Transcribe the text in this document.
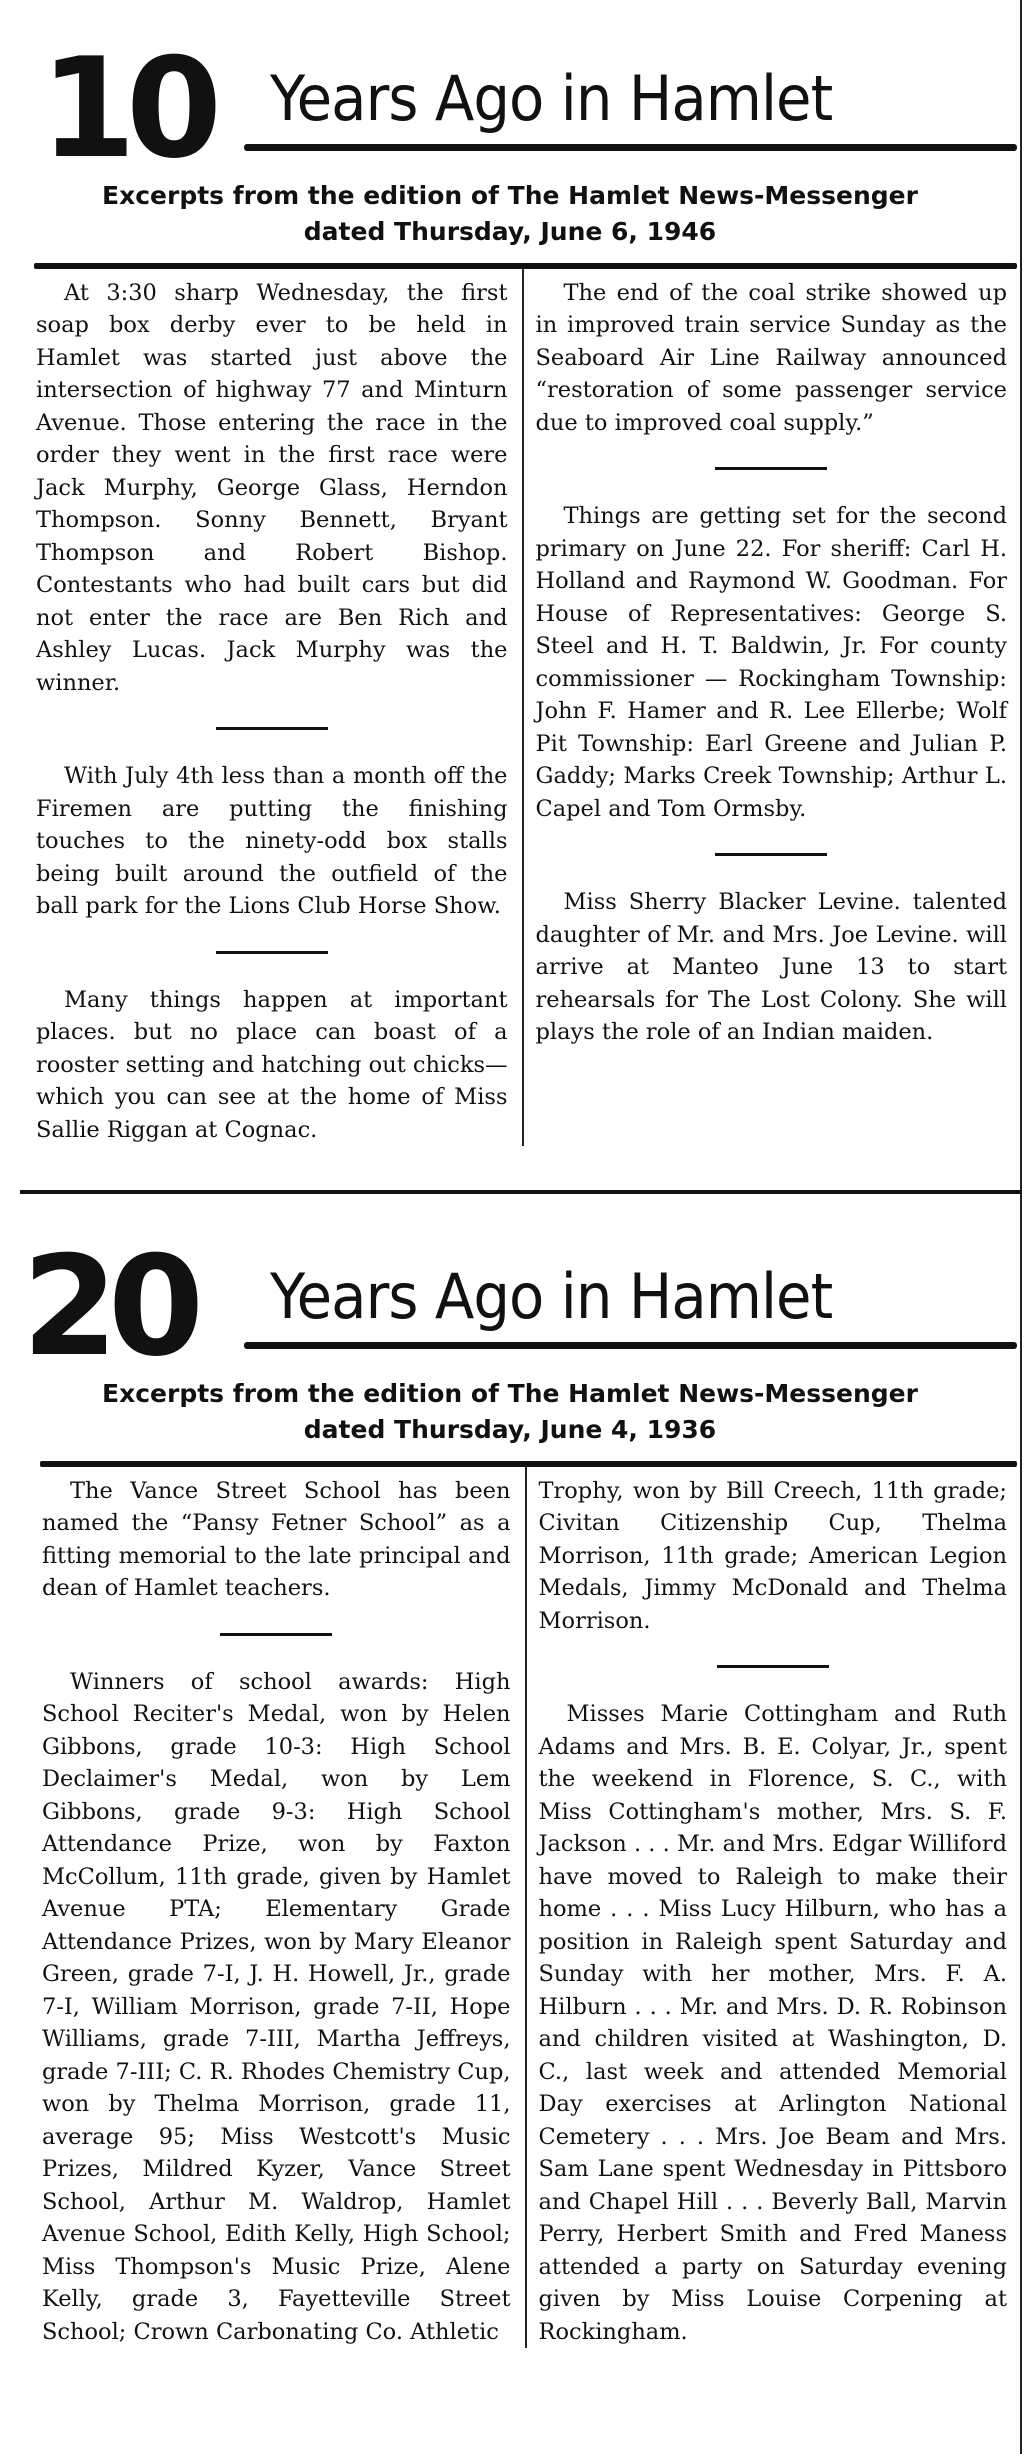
10 Years Ago in Hamlet
Excerpts from the edition of The Hamlet News-Messenger
dated Thursday, June 6, 1946

At 3:30 sharp Wednesday, the first soap box derby ever to be held in Hamlet was started just above the intersection of highway 77 and Minturn Avenue. Those entering the race in the order they went in the first race were Jack Murphy, George Glass, Herndon Thompson. Sonny Bennett, Bryant Thompson and Robert Bishop. Contestants who had built cars but did not enter the race are Ben Rich and Ashley Lucas. Jack Murphy was the winner.

With July 4th less than a month off the Firemen are putting the finishing touches to the ninety-odd box stalls being built around the outfield of the ball park for the Lions Club Horse Show.

Many things happen at important places. but no place can boast of a rooster setting and hatching out chicks—which you can see at the home of Miss Sallie Riggan at Cognac.

The end of the coal strike showed up in improved train service Sunday as the Seaboard Air Line Railway announced “restoration of some passenger service due to improved coal supply.”

Things are getting set for the second primary on June 22. For sheriff: Carl H. Holland and Raymond W. Goodman. For House of Representatives: George S. Steel and H. T. Baldwin, Jr. For county commissioner — Rockingham Township: John F. Hamer and R. Lee Ellerbe; Wolf Pit Township: Earl Greene and Julian P. Gaddy; Marks Creek Township; Arthur L. Capel and Tom Ormsby.

Miss Sherry Blacker Levine. talented daughter of Mr. and Mrs. Joe Levine. will arrive at Manteo June 13 to start rehearsals for The Lost Colony. She will plays the role of an Indian maiden.

20 Years Ago in Hamlet
Excerpts from the edition of The Hamlet News-Messenger
dated Thursday, June 4, 1936

The Vance Street School has been named the “Pansy Fetner School” as a fitting memorial to the late principal and dean of Hamlet teachers.

Winners of school awards: High School Reciter's Medal, won by Helen Gibbons, grade 10-3: High School Declaimer's Medal, won by Lem Gibbons, grade 9-3: High School Attendance Prize, won by Faxton McCollum, 11th grade, given by Hamlet Avenue PTA; Elementary Grade Attendance Prizes, won by Mary Eleanor Green, grade 7-I, J. H. Howell, Jr., grade 7-I, William Morrison, grade 7-II, Hope Williams, grade 7-III, Martha Jeffreys, grade 7-III; C. R. Rhodes Chemistry Cup, won by Thelma Morrison, grade 11, average 95; Miss Westcott's Music Prizes, Mildred Kyzer, Vance Street School, Arthur M. Waldrop, Hamlet Avenue School, Edith Kelly, High School; Miss Thompson's Music Prize, Alene Kelly, grade 3, Fayetteville Street School; Crown Carbonating Co. Athletic

Trophy, won by Bill Creech, 11th grade; Civitan Citizenship Cup, Thelma Morrison, 11th grade; American Legion Medals, Jimmy McDonald and Thelma Morrison.

Misses Marie Cottingham and Ruth Adams and Mrs. B. E. Colyar, Jr., spent the weekend in Florence, S. C., with Miss Cottingham's mother, Mrs. S. F. Jackson . . . Mr. and Mrs. Edgar Williford have moved to Raleigh to make their home . . . Miss Lucy Hilburn, who has a position in Raleigh spent Saturday and Sunday with her mother, Mrs. F. A. Hilburn . . . Mr. and Mrs. D. R. Robinson and children visited at Washington, D. C., last week and attended Memorial Day exercises at Arlington National Cemetery . . . Mrs. Joe Beam and Mrs. Sam Lane spent Wednesday in Pittsboro and Chapel Hill . . . Beverly Ball, Marvin Perry, Herbert Smith and Fred Maness attended a party on Saturday evening given by Miss Louise Corpening at Rockingham.
